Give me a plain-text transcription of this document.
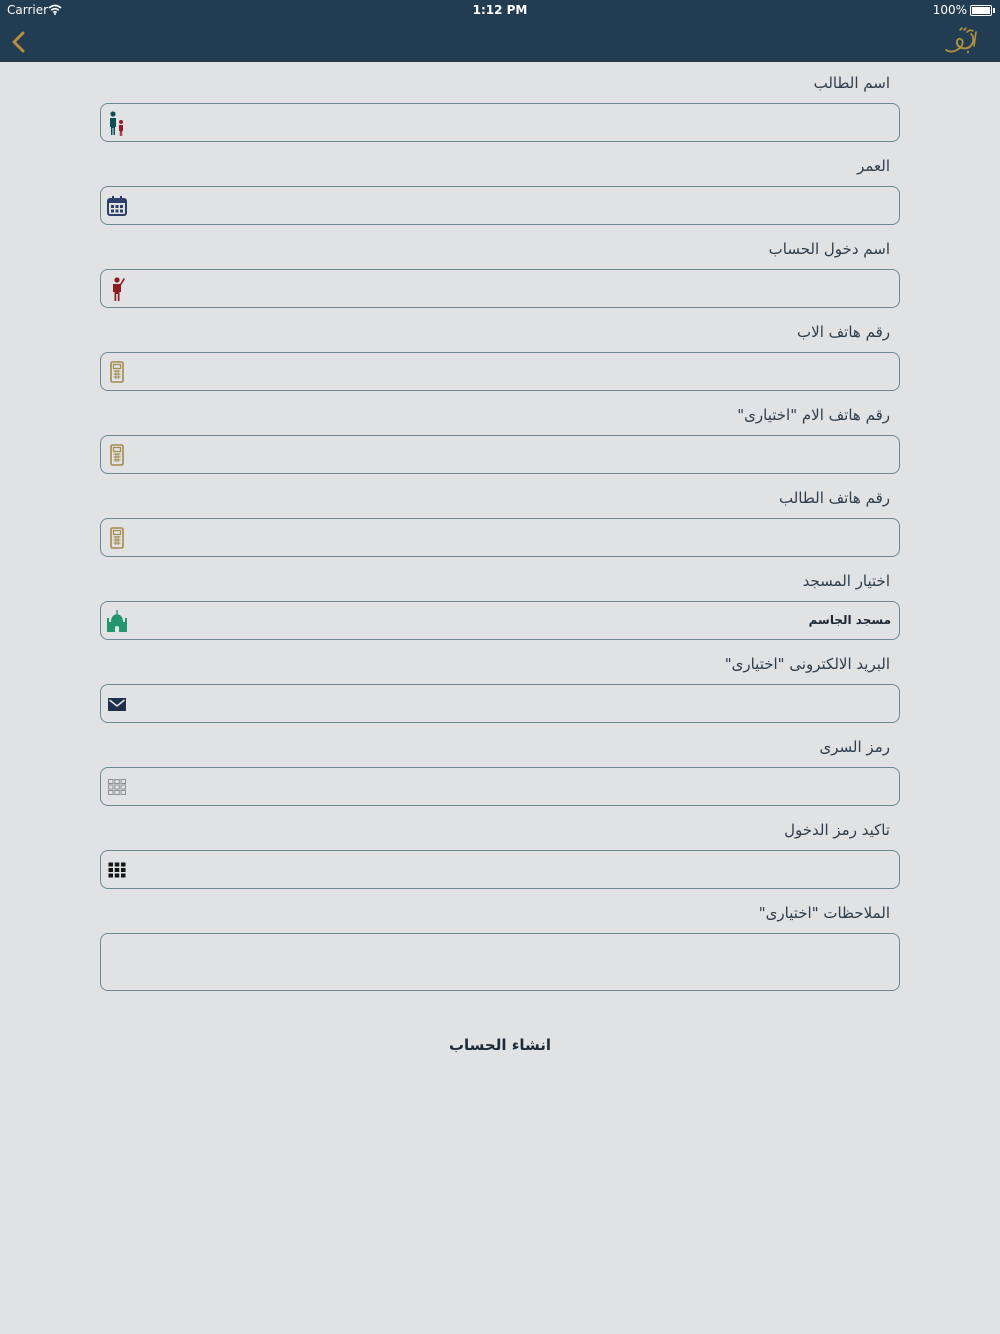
Carrier	1:12 PM	100%
اسم الطالب
العمر
اسم دخول الحساب
رقم هاتف الاب
رقم هاتف الام "اختيارى"
رقم هاتف الطالب
اختيار المسجد
مسجد الجاسم
البريد الالكترونى "اختيارى"
رمز السرى
تاكيد رمز الدخول
الملاحظات "اختيارى"
انشاء الحساب
